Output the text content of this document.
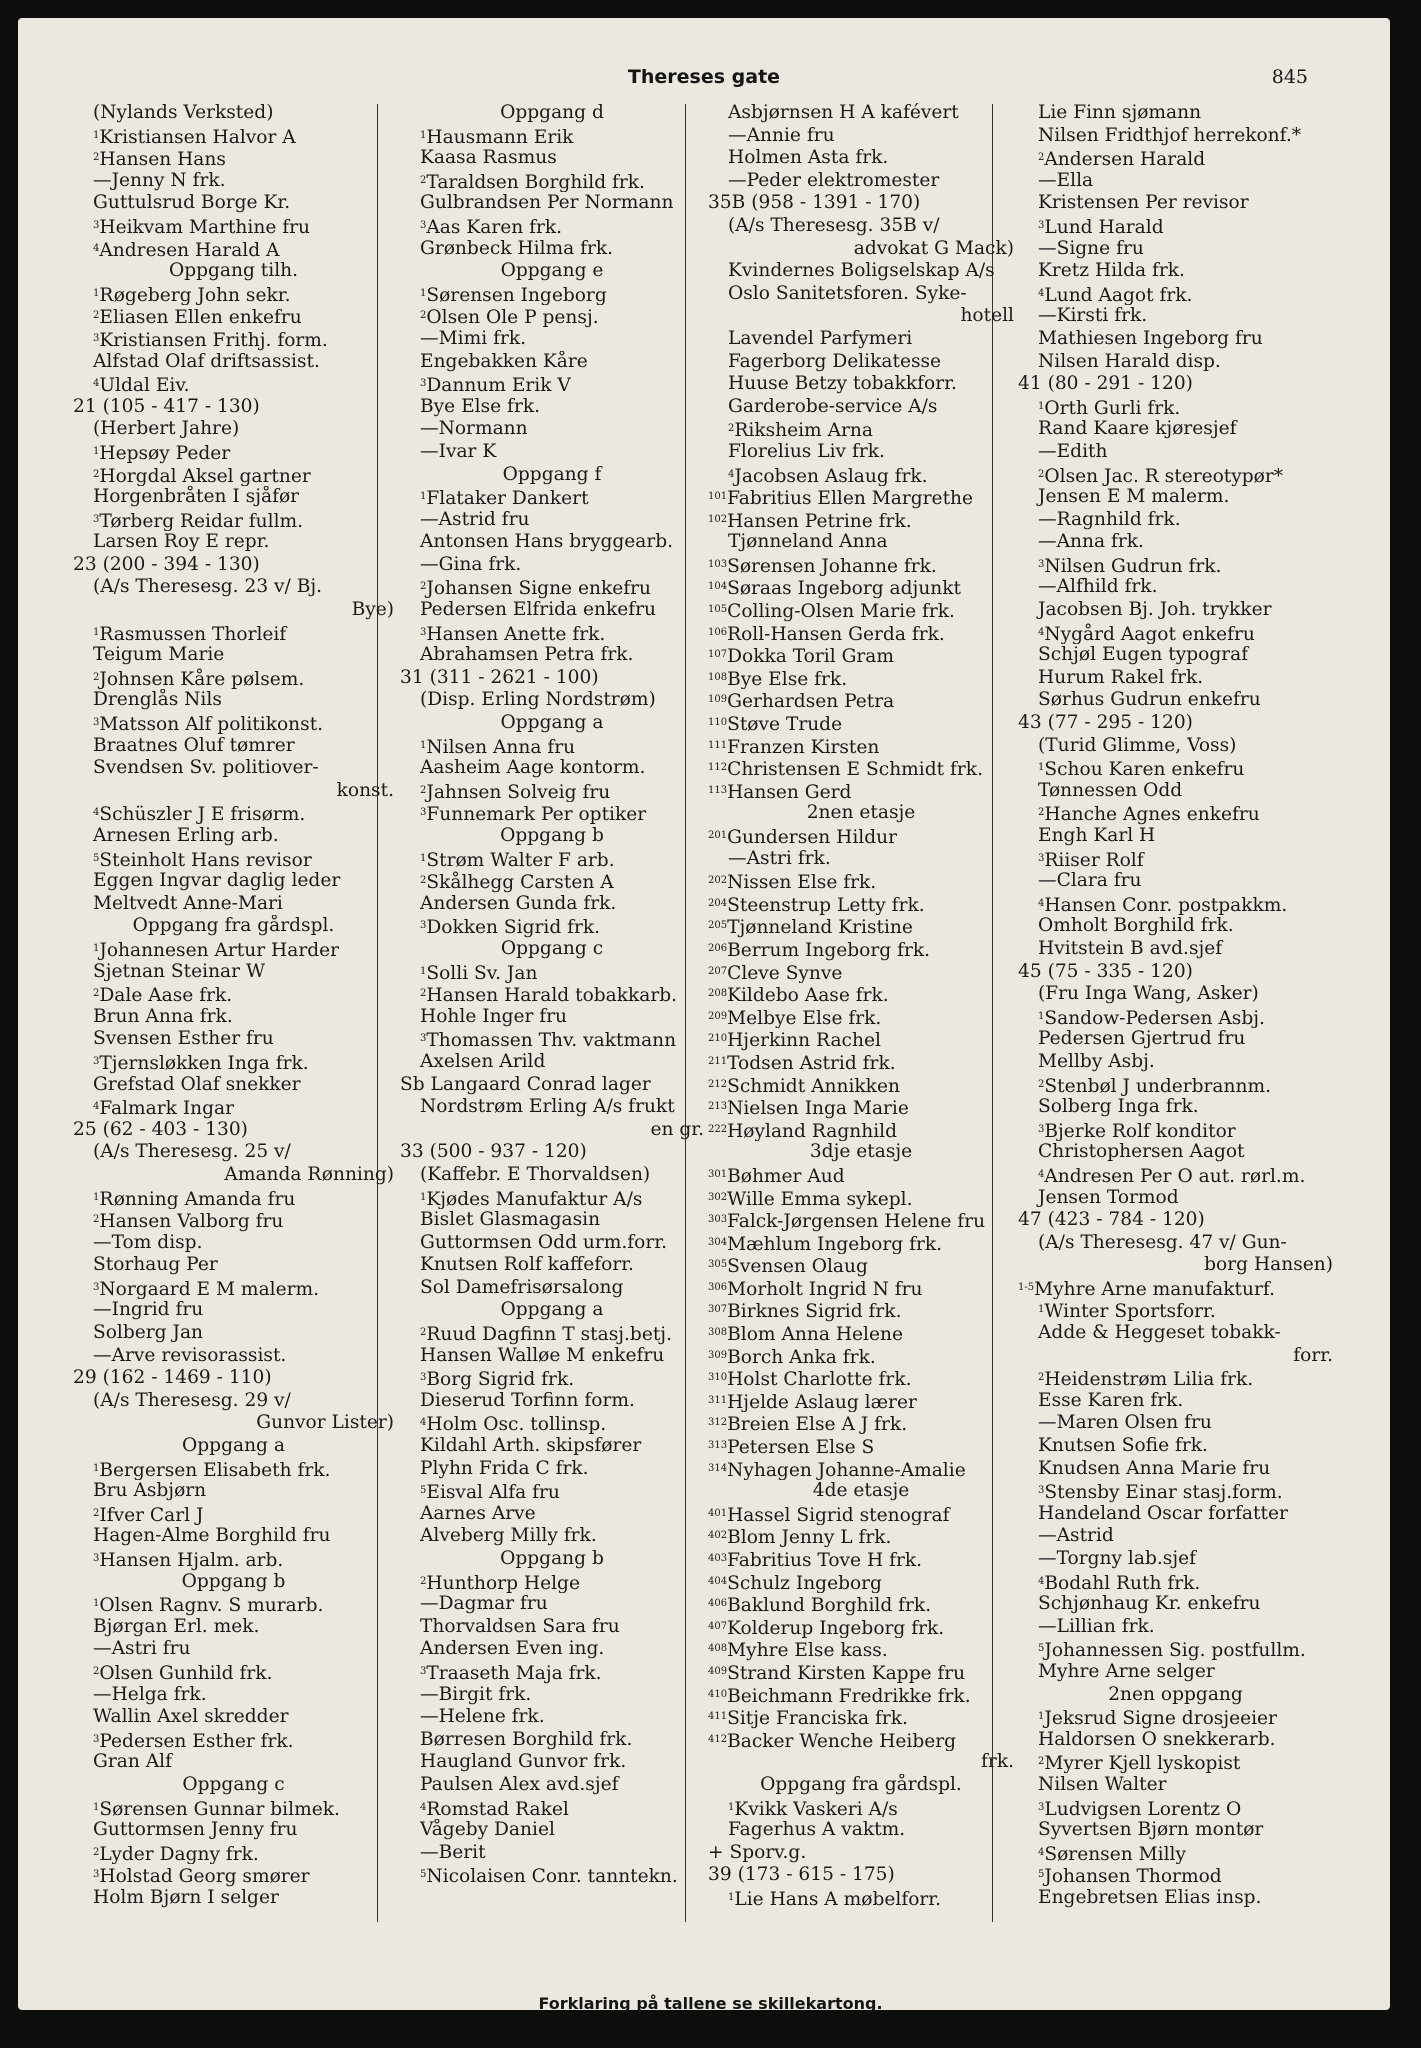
Thereses gate	845
(Nylands Verksted)
$^1$Kristiansen Halvor A
$^2$Hansen Hans
—Jenny N frk.
Guttulsrud Borge Kr.
$^3$Heikvam Marthine fru
$^4$Andresen Harald A
Oppgang tilh.
$^1$Røgeberg John sekr.
$^2$Eliasen Ellen enkefru
$^3$Kristiansen Frithj. form.
Alfstad Olaf driftsassist.
$^4$Uldal Eiv.
21 (105 - 417 - 130)
(Herbert Jahre)
$^1$Hepsøy Peder
$^2$Horgdal Aksel gartner
Horgenbråten I sjåfør
$^3$Tørberg Reidar fullm.
Larsen Roy E repr.
23 (200 - 394 - 130)
(A/s Theresesg. 23 v/ Bj.
Bye)
$^1$Rasmussen Thorleif
Teigum Marie
$^2$Johnsen Kåre pølsem.
Drenglås Nils
$^3$Matsson Alf politikonst.
Braatnes Oluf tømrer
Svendsen Sv. politiover-
konst.
$^4$Schüszler J E frisørm.
Arnesen Erling arb.
$^5$Steinholt Hans revisor
Eggen Ingvar daglig leder
Meltvedt Anne-Mari
Oppgang fra gårdspl.
$^1$Johannesen Artur Harder
Sjetnan Steinar W
$^2$Dale Aase frk.
Brun Anna frk.
Svensen Esther fru
$^3$Tjernsløkken Inga frk.
Grefstad Olaf snekker
$^4$Falmark Ingar
25 (62 - 403 - 130)
(A/s Theresesg. 25 v/
Amanda Rønning)
$^1$Rønning Amanda fru
$^2$Hansen Valborg fru
—Tom disp.
Storhaug Per
$^3$Norgaard E M malerm.
—Ingrid fru
Solberg Jan
—Arve revisorassist.
29 (162 - 1469 - 110)
(A/s Theresesg. 29 v/
Gunvor Lister)
Oppgang a
$^1$Bergersen Elisabeth frk.
Bru Asbjørn
$^2$Ifver Carl J
Hagen-Alme Borghild fru
$^3$Hansen Hjalm. arb.
Oppgang b
$^1$Olsen Ragnv. S murarb.
Bjørgan Erl. mek.
—Astri fru
$^2$Olsen Gunhild frk.
—Helga frk.
Wallin Axel skredder
$^3$Pedersen Esther frk.
Gran Alf
Oppgang c
$^1$Sørensen Gunnar bilmek.
Guttormsen Jenny fru
$^2$Lyder Dagny frk.
$^3$Holstad Georg smører
Holm Bjørn I selger
Oppgang d
$^1$Hausmann Erik
Kaasa Rasmus
$^2$Taraldsen Borghild frk.
Gulbrandsen Per Normann
$^3$Aas Karen frk.
Grønbeck Hilma frk.
Oppgang e
$^1$Sørensen Ingeborg
$^2$Olsen Ole P pensj.
—Mimi frk.
Engebakken Kåre
$^3$Dannum Erik V
Bye Else frk.
—Normann
—Ivar K
Oppgang f
$^1$Flataker Dankert
—Astrid fru
Antonsen Hans bryggearb.
—Gina frk.
$^2$Johansen Signe enkefru
Pedersen Elfrida enkefru
$^3$Hansen Anette frk.
Abrahamsen Petra frk.
31 (311 - 2621 - 100)
(Disp. Erling Nordstrøm)
Oppgang a
$^1$Nilsen Anna fru
Aasheim Aage kontorm.
$^2$Jahnsen Solveig fru
$^3$Funnemark Per optiker
Oppgang b
$^1$Strøm Walter F arb.
$^2$Skålhegg Carsten A
Andersen Gunda frk.
$^3$Dokken Sigrid frk.
Oppgang c
$^1$Solli Sv. Jan
$^2$Hansen Harald tobakkarb.
Hohle Inger fru
$^3$Thomassen Thv. vaktmann
Axelsen Arild
Sb Langaard Conrad lager
Nordstrøm Erling A/s frukt
en gr.
33 (500 - 937 - 120)
(Kaffebr. E Thorvaldsen)
$^1$Kjødes Manufaktur A/s
Bislet Glasmagasin
Guttormsen Odd urm.forr.
Knutsen Rolf kaffeforr.
Sol Damefrisørsalong
Oppgang a
$^2$Ruud Dagfinn T stasj.betj.
Hansen Walløe M enkefru
$^3$Borg Sigrid frk.
Dieserud Torfinn form.
$^4$Holm Osc. tollinsp.
Kildahl Arth. skipsfører
Plyhn Frida C frk.
$^5$Eisval Alfa fru
Aarnes Arve
Alveberg Milly frk.
Oppgang b
$^2$Hunthorp Helge
—Dagmar fru
Thorvaldsen Sara fru
Andersen Even ing.
$^3$Traaseth Maja frk.
—Birgit frk.
—Helene frk.
Børresen Borghild frk.
Haugland Gunvor frk.
Paulsen Alex avd.sjef
$^4$Romstad Rakel
Vågeby Daniel
—Berit
$^5$Nicolaisen Conr. tanntekn.
Asbjørnsen H A kafévert
—Annie fru
Holmen Asta frk.
—Peder elektromester
35B (958 - 1391 - 170)
(A/s Theresesg. 35B v/
advokat G Mack)
Kvindernes Boligselskap A/s
Oslo Sanitetsforen. Syke-
hotell
Lavendel Parfymeri
Fagerborg Delikatesse
Huuse Betzy tobakkforr.
Garderobe-service A/s
$^2$Riksheim Arna
Florelius Liv frk.
$^4$Jacobsen Aslaug frk.
$^{101}$Fabritius Ellen Margrethe
$^{102}$Hansen Petrine frk.
Tjønneland Anna
$^{103}$Sørensen Johanne frk.
$^{104}$Søraas Ingeborg adjunkt
$^{105}$Colling-Olsen Marie frk.
$^{106}$Roll-Hansen Gerda frk.
$^{107}$Dokka Toril Gram
$^{108}$Bye Else frk.
$^{109}$Gerhardsen Petra
$^{110}$Støve Trude
$^{111}$Franzen Kirsten
$^{112}$Christensen E Schmidt frk.
$^{113}$Hansen Gerd
2nen etasje
$^{201}$Gundersen Hildur
—Astri frk.
$^{202}$Nissen Else frk.
$^{204}$Steenstrup Letty frk.
$^{205}$Tjønneland Kristine
$^{206}$Berrum Ingeborg frk.
$^{207}$Cleve Synve
$^{208}$Kildebo Aase frk.
$^{209}$Melbye Else frk.
$^{210}$Hjerkinn Rachel
$^{211}$Todsen Astrid frk.
$^{212}$Schmidt Annikken
$^{213}$Nielsen Inga Marie
$^{222}$Høyland Ragnhild
3dje etasje
$^{301}$Bøhmer Aud
$^{302}$Wille Emma sykepl.
$^{303}$Falck-Jørgensen Helene fru
$^{304}$Mæhlum Ingeborg frk.
$^{305}$Svensen Olaug
$^{306}$Morholt Ingrid N fru
$^{307}$Birknes Sigrid frk.
$^{308}$Blom Anna Helene
$^{309}$Borch Anka frk.
$^{310}$Holst Charlotte frk.
$^{311}$Hjelde Aslaug lærer
$^{312}$Breien Else A J frk.
$^{313}$Petersen Else S
$^{314}$Nyhagen Johanne-Amalie
4de etasje
$^{401}$Hassel Sigrid stenograf
$^{402}$Blom Jenny L frk.
$^{403}$Fabritius Tove H frk.
$^{404}$Schulz Ingeborg
$^{406}$Baklund Borghild frk.
$^{407}$Kolderup Ingeborg frk.
$^{408}$Myhre Else kass.
$^{409}$Strand Kirsten Kappe fru
$^{410}$Beichmann Fredrikke frk.
$^{411}$Sitje Franciska frk.
$^{412}$Backer Wenche Heiberg
frk.
Oppgang fra gårdspl.
$^1$Kvikk Vaskeri A/s
Fagerhus A vaktm.
+ Sporv.g.
39 (173 - 615 - 175)
$^1$Lie Hans A møbelforr.
Lie Finn sjømann
Nilsen Fridthjof herrekonf.*
$^2$Andersen Harald
—Ella
Kristensen Per revisor
$^3$Lund Harald
—Signe fru
Kretz Hilda frk.
$^4$Lund Aagot frk.
—Kirsti frk.
Mathiesen Ingeborg fru
Nilsen Harald disp.
41 (80 - 291 - 120)
$^1$Orth Gurli frk.
Rand Kaare kjøresjef
—Edith
$^2$Olsen Jac. R stereotypør*
Jensen E M malerm.
—Ragnhild frk.
—Anna frk.
$^3$Nilsen Gudrun frk.
—Alfhild frk.
Jacobsen Bj. Joh. trykker
$^4$Nygård Aagot enkefru
Schjøl Eugen typograf
Hurum Rakel frk.
Sørhus Gudrun enkefru
43 (77 - 295 - 120)
(Turid Glimme, Voss)
$^1$Schou Karen enkefru
Tønnessen Odd
$^2$Hanche Agnes enkefru
Engh Karl H
$^3$Riiser Rolf
—Clara fru
$^4$Hansen Conr. postpakkm.
Omholt Borghild frk.
Hvitstein B avd.sjef
45 (75 - 335 - 120)
(Fru Inga Wang, Asker)
$^1$Sandow-Pedersen Asbj.
Pedersen Gjertrud fru
Mellby Asbj.
$^2$Stenbøl J underbrannm.
Solberg Inga frk.
$^3$Bjerke Rolf konditor
Christophersen Aagot
$^4$Andresen Per O aut. rørl.m.
Jensen Tormod
47 (423 - 784 - 120)
(A/s Theresesg. 47 v/ Gun-
borg Hansen)
$^{1-5}$Myhre Arne manufakturf.
$^1$Winter Sportsforr.
Adde & Heggeset tobakk-
forr.
$^2$Heidenstrøm Lilia frk.
Esse Karen frk.
—Maren Olsen fru
Knutsen Sofie frk.
Knudsen Anna Marie fru
$^3$Stensby Einar stasj.form.
Handeland Oscar forfatter
—Astrid
—Torgny lab.sjef
$^4$Bodahl Ruth frk.
Schjønhaug Kr. enkefru
—Lillian frk.
$^5$Johannessen Sig. postfullm.
Myhre Arne selger
2nen oppgang
$^1$Jeksrud Signe drosjeeier
Haldorsen O snekkerarb.
$^2$Myrer Kjell lyskopist
Nilsen Walter
$^3$Ludvigsen Lorentz O
Syvertsen Bjørn montør
$^4$Sørensen Milly
$^5$Johansen Thormod
Engebretsen Elias insp.
Forklaring på tallene se skillekartong.
